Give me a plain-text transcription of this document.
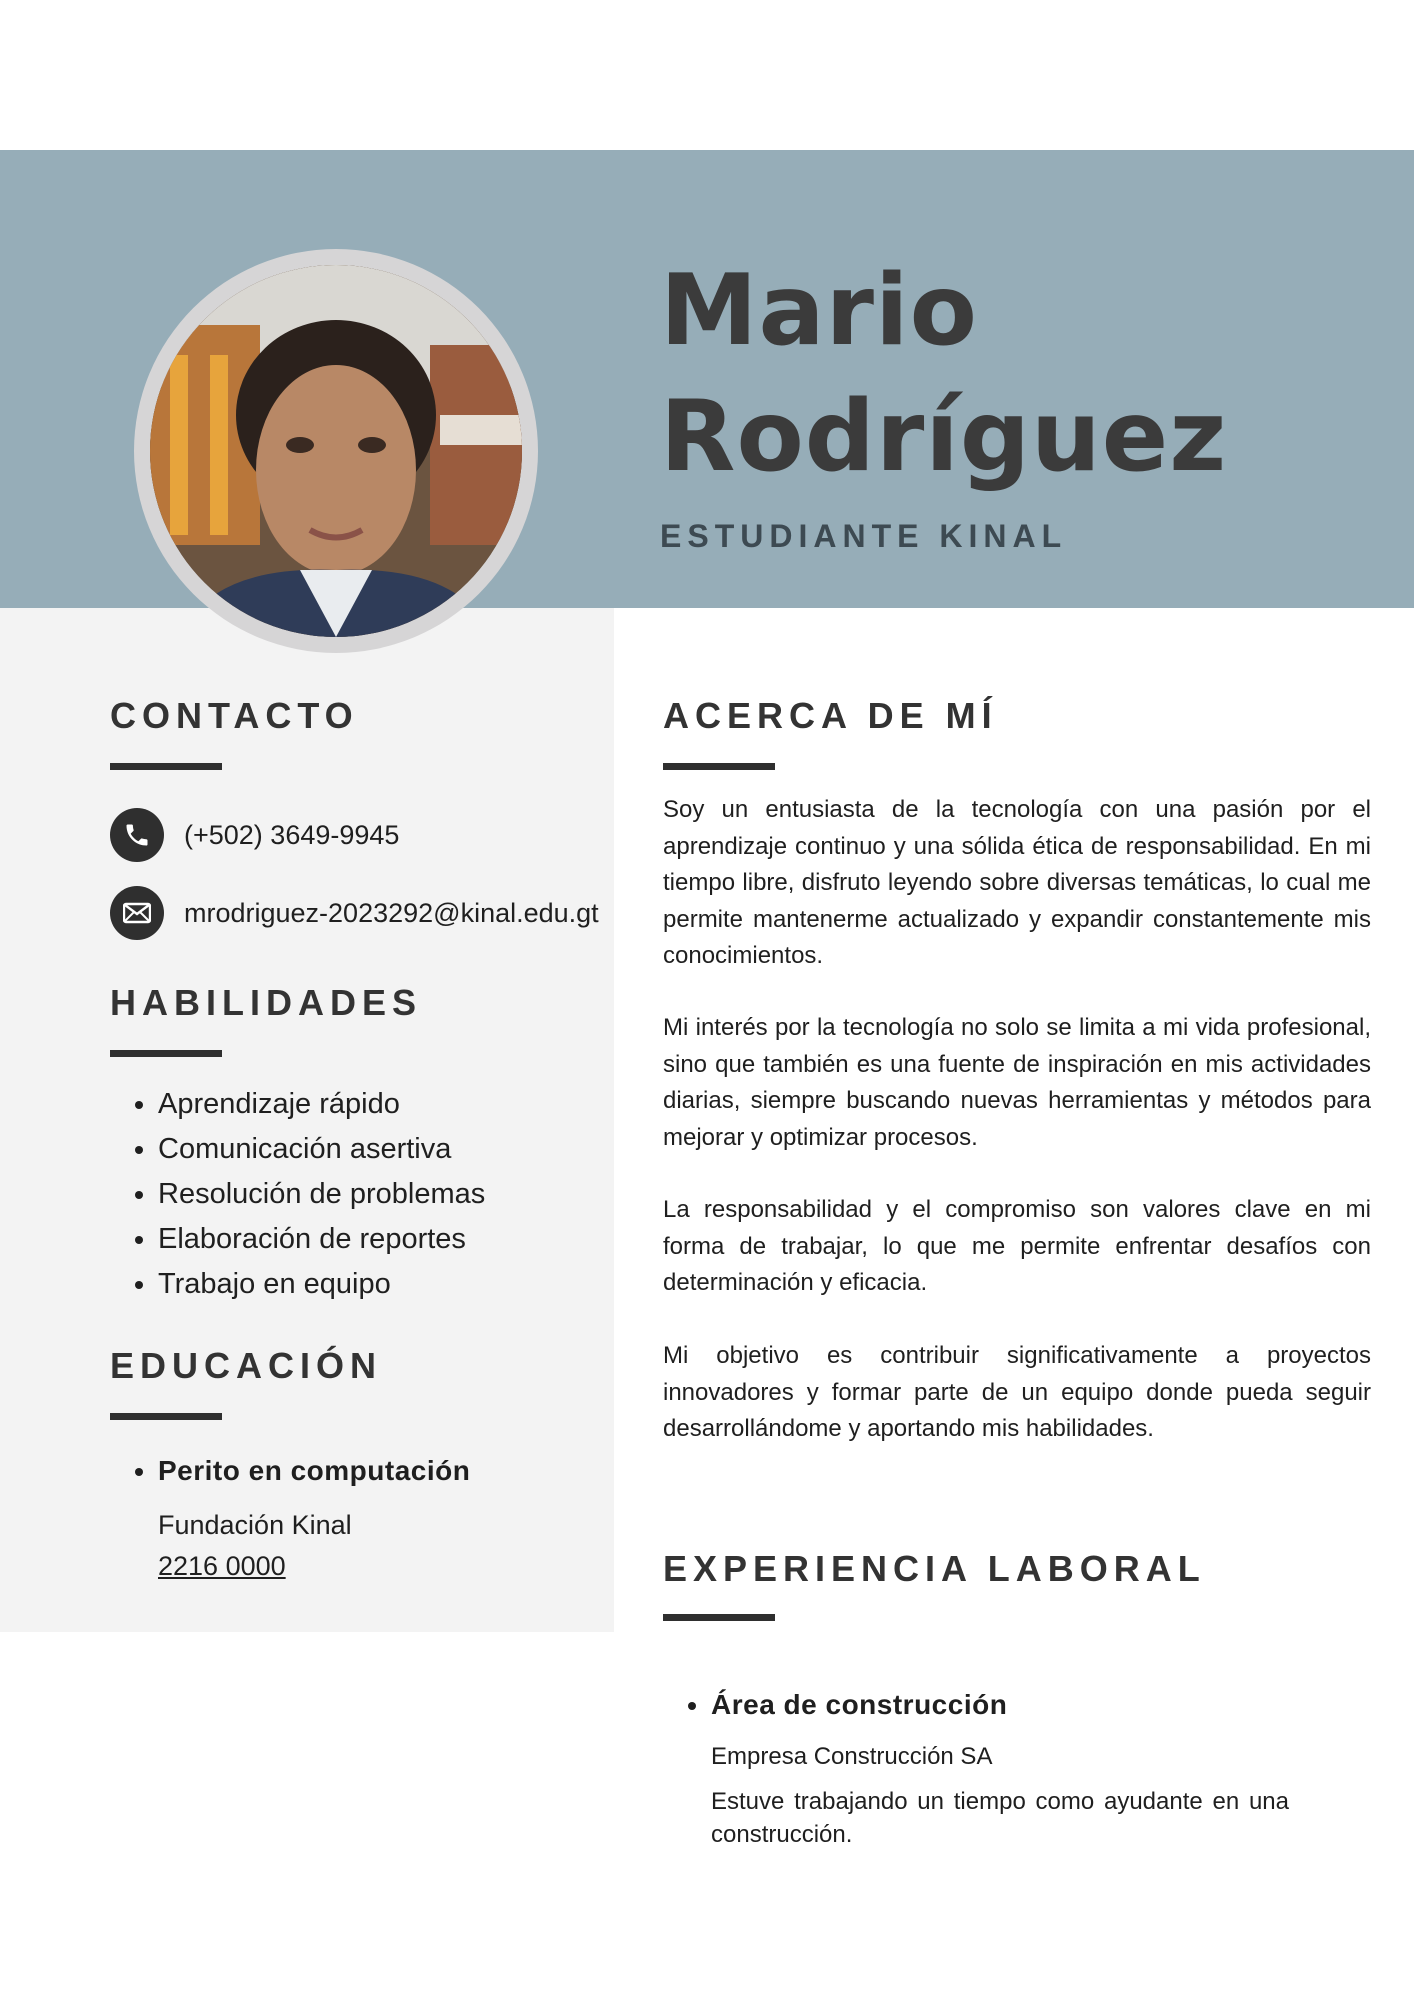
Mario
Rodríguez
ESTUDIANTE KINAL
CONTACTO
(+502) 3649-9945
mrodriguez-2023292@kinal.edu.gt
HABILIDADES
• Aprendizaje rápido
• Comunicación asertiva
• Resolución de problemas
• Elaboración de reportes
• Trabajo en equipo
EDUCACIÓN
• Perito en computación
Fundación Kinal
2216 0000
ACERCA DE MÍ

Soy un entusiasta de la tecnología con una pasión por el aprendizaje continuo y una sólida ética de responsabilidad. En mi tiempo libre, disfruto leyendo sobre diversas temáticas, lo cual me permite mantenerme actualizado y expandir constantemente mis conocimientos.

Mi interés por la tecnología no solo se limita a mi vida profesional, sino que también es una fuente de inspiración en mis actividades diarias, siempre buscando nuevas herramientas y métodos para mejorar y optimizar procesos.

La responsabilidad y el compromiso son valores clave en mi forma de trabajar, lo que me permite enfrentar desafíos con determinación y eficacia.

Mi objetivo es contribuir significativamente a proyectos innovadores y formar parte de un equipo donde pueda seguir desarrollándome y aportando mis habilidades.

EXPERIENCIA LABORAL
• Área de construcción
Empresa Construcción SA
Estuve trabajando un tiempo como ayudante en una construcción.
